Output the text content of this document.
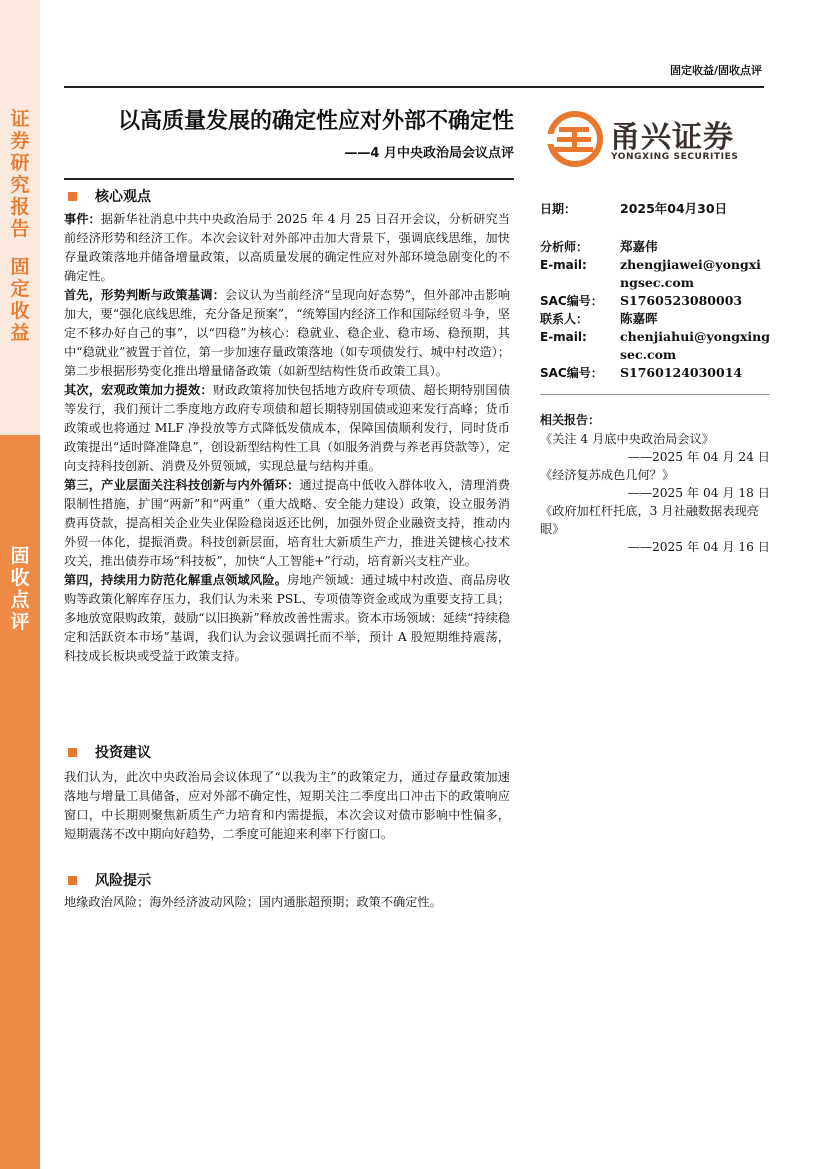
证
券
研
究
报
告
固
定
收
益
固
收
点
评
固定收益/固收点评
以高质量发展的确定性应对外部不确定性
——4 月中央政治局会议点评	甬兴证券
YONGXING SECURITIES
核心观点

事件：据新华社消息中共中央政治局于 2025 年 4 月 25 日召开会议，分析研究当前经济形势和经济工作。本次会议针对外部冲击加大背景下，强调底线思维，加快存量政策落地并储备增量政策，以高质量发展的确定性应对外部环境急剧变化的不确定性。

首先，形势判断与政策基调：会议认为当前经济“呈现向好态势”，但外部冲击影响加大，要“强化底线思维，充分备足预案”，“统筹国内经济工作和国际经贸斗争，坚定不移办好自己的事”，以“四稳”为核心：稳就业、稳企业、稳市场、稳预期，其中“稳就业”被置于首位，第一步加速存量政策落地（如专项债发行、城中村改造）；第二步根据形势变化推出增量储备政策（如新型结构性货币政策工具）。

其次，宏观政策加力提效：财政政策将加快包括地方政府专项债、超长期特别国债等发行，我们预计二季度地方政府专项债和超长期特别国债或迎来发行高峰；货币政策或也将通过 MLF 净投放等方式降低发债成本，保障国债顺利发行，同时货币政策提出“适时降准降息”，创设新型结构性工具（如服务消费与养老再贷款等），定向支持科技创新、消费及外贸领域，实现总量与结构并重。

第三，产业层面关注科技创新与内外循环：通过提高中低收入群体收入，清理消费限制性措施，扩围“两新”和“两重”（重大战略、安全能力建设）政策，设立服务消费再贷款，提高相关企业失业保险稳岗返还比例，加强外贸企业融资支持，推动内外贸一体化，提振消费。科技创新层面，培育壮大新质生产力，推进关键核心技术攻关，推出债券市场“科技板”，加快“人工智能+”行动，培育新兴支柱产业。

第四，持续用力防范化解重点领域风险。房地产领域：通过城中村改造、商品房收购等政策化解库存压力，我们认为未来 PSL、专项债等资金或成为重要支持工具；多地放宽限购政策，鼓励“以旧换新”释放改善性需求。资本市场领域：延续“持续稳定和活跃资本市场”基调，我们认为会议强调托而不举，预计 A 股短期维持震荡，科技成长板块或受益于政策支持。

投资建议

我们认为，此次中央政治局会议体现了“以我为主”的政策定力，通过存量政策加速落地与增量工具储备，应对外部不确定性，短期关注二季度出口冲击下的政策响应窗口，中长期则聚焦新质生产力培育和内需提振，本次会议对债市影响中性偏多，短期震荡不改中期向好趋势，二季度可能迎来利率下行窗口。

风险提示

地缘政治风险；海外经济波动风险；国内通胀超预期；政策不确定性。

日期：	2025年04月30日
分析师：	郑嘉伟
E-mail:	zhengjiawei@yongxingsec.com
SAC编号：	S1760523080003
联系人：	陈嘉晖
E-mail:	chenjiahui@yongxingsec.com
SAC编号：	S1760124030014
相关报告：
《关注 4 月底中央政治局会议》
——2025 年 04 月 24 日
《经济复苏成色几何？》
——2025 年 04 月 18 日
《政府加杠杆托底，3 月社融数据表现亮眼》
——2025 年 04 月 16 日
